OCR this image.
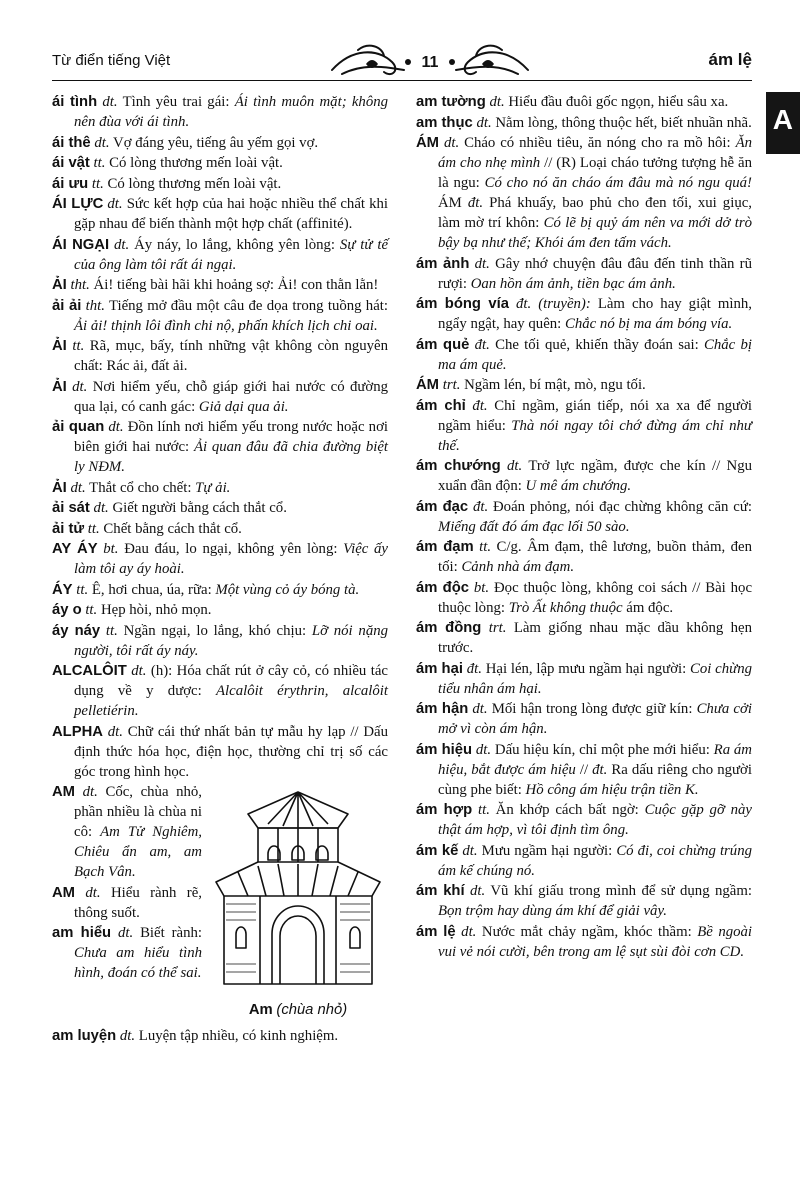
Từ điển tiếng Việt	11	ám lệ
A

ái tình dt. Tình yêu trai gái: Ái tình muôn mặt; không nên đùa với ái tình.

ái thê dt. Vợ đáng yêu, tiếng âu yếm gọi vợ.

ái vật tt. Có lòng thương mến loài vật.

ái ưu tt. Có lòng thương mến loài vật.

ÁI LỰC dt. Sức kết hợp của hai hoặc nhiều thể chất khi gặp nhau để biến thành một hợp chất (affinité).

ÁI NGẠI dt. Áy náy, lo lắng, không yên lòng: Sự tử tế của ông làm tôi rất ái ngại.

ẢI tht. Ái! tiếng bài hãi khi hoảng sợ: Ải! con thằn lằn!

ải ải tht. Tiếng mở đầu một câu đe dọa trong tuồng hát: Ải ải! thịnh lôi đình chi nộ, phấn khích lịch chi oai.

ẢI tt. Rã, mục, bấy, tính những vật không còn nguyên chất: Rác ải, đất ải.

ẢI dt. Nơi hiểm yếu, chỗ giáp giới hai nước có đường qua lại, có canh gác: Giả dại qua ải.

ải quan dt. Đồn lính nơi hiểm yếu trong nước hoặc nơi biên giới hai nước: Ải quan đâu đã chia đường biệt ly NĐM.

ẢI dt. Thắt cổ cho chết: Tự ải.

ải sát dt. Giết người bằng cách thắt cổ.

ải tử tt. Chết bằng cách thắt cổ.

AY ÁY bt. Đau đáu, lo ngại, không yên lòng: Việc ấy làm tôi ay áy hoài.

ÁY tt. Ê, hơi chua, úa, rữa: Một vùng cỏ áy bóng tà.

áy o tt. Hẹp hòi, nhỏ mọn.

áy náy tt. Ngần ngại, lo lắng, khó chịu: Lỡ nói nặng người, tôi rất áy náy.

ALCALÔIT dt. (h): Hóa chất rút ở cây cỏ, có nhiều tác dụng về y dược: Alcalôit érythrin, alcalôit pelletiérin.

ALPHA dt. Chữ cái thứ nhất bản tự mẫu hy lạp // Dấu định thức hóa học, điện học, thường chỉ trị số các góc trong hình học.

AM dt. Cốc, chùa nhỏ, phần nhiều là chùa ni cô: Am Tử Nghiêm, Chiêu ẩn am, am Bạch Vân.

AM dt. Hiểu rành rẽ, thông suốt.

am hiểu dt. Biết rành: Chưa am hiểu tình hình, đoán có thể sai.

Am (chùa nhỏ)

am luyện dt. Luyện tập nhiều, có kinh nghiệm.

am tường dt. Hiểu đầu đuôi gốc ngọn, hiểu sâu xa.

am thục dt. Nằm lòng, thông thuộc hết, biết nhuần nhã.

ÁM dt. Cháo có nhiều tiêu, ăn nóng cho ra mồ hôi: Ăn ám cho nhẹ mình // (R) Loại cháo tưởng tượng hễ ăn là ngu: Có cho nó ăn cháo ám đâu mà nó ngu quá! ÁM đt. Phá khuấy, bao phủ cho đen tối, xui giục, làm mờ trí khôn: Có lẽ bị quỷ ám nên va mới dở trò bậy bạ như thế; Khói ám đen tấm vách.

ám ảnh dt. Gây nhớ chuyện đâu đâu đến tinh thần rũ rượi: Oan hồn ám ảnh, tiền bạc ám ảnh.

ám bóng vía đt. (truyền): Làm cho hay giật mình, ngẩy ngật, hay quên: Chắc nó bị ma ám bóng vía.

ám quẻ đt. Che tối quẻ, khiến thầy đoán sai: Chắc bị ma ám quẻ.

ÁM trt. Ngầm lén, bí mật, mò, ngu tối.

ám chỉ đt. Chỉ ngầm, gián tiếp, nói xa xa để người ngầm hiểu: Thà nói ngay tôi chớ đừng ám chỉ như thế.

ám chướng dt. Trở lực ngầm, được che kín // Ngu xuẩn đần độn: U mê ám chướng.

ám đạc đt. Đoán phỏng, nói đạc chừng không căn cứ: Miếng đất đó ám đạc lối 50 sào.

ám đạm tt. C/g. Âm đạm, thê lương, buồn thảm, đen tối: Cảnh nhà ám đạm.

ám độc bt. Đọc thuộc lòng, không coi sách // Bài học thuộc lòng: Trò Ất không thuộc ám độc.

ám đồng trt. Làm giống nhau mặc dầu không hẹn trước.

ám hại đt. Hại lén, lập mưu ngầm hại người: Coi chừng tiểu nhân ám hại.

ám hận dt. Mối hận trong lòng được giữ kín: Chưa cởi mở vì còn ám hận.

ám hiệu dt. Dấu hiệu kín, chỉ một phe mới hiểu: Ra ám hiệu, bắt được ám hiệu // đt. Ra dấu riêng cho người cùng phe biết: Hồ công ám hiệu trận tiền K.

ám hợp tt. Ăn khớp cách bất ngờ: Cuộc gặp gỡ này thật ám hợp, vì tôi định tìm ông.

ám kế dt. Mưu ngầm hại người: Có đi, coi chừng trúng ám kế chúng nó.

ám khí dt. Vũ khí giấu trong mình để sử dụng ngầm: Bọn trộm hay dùng ám khí để giải vây.

ám lệ dt. Nước mắt chảy ngầm, khóc thầm: Bề ngoài vui vẻ nói cười, bên trong am lệ sụt sùi đòi cơn CD.
